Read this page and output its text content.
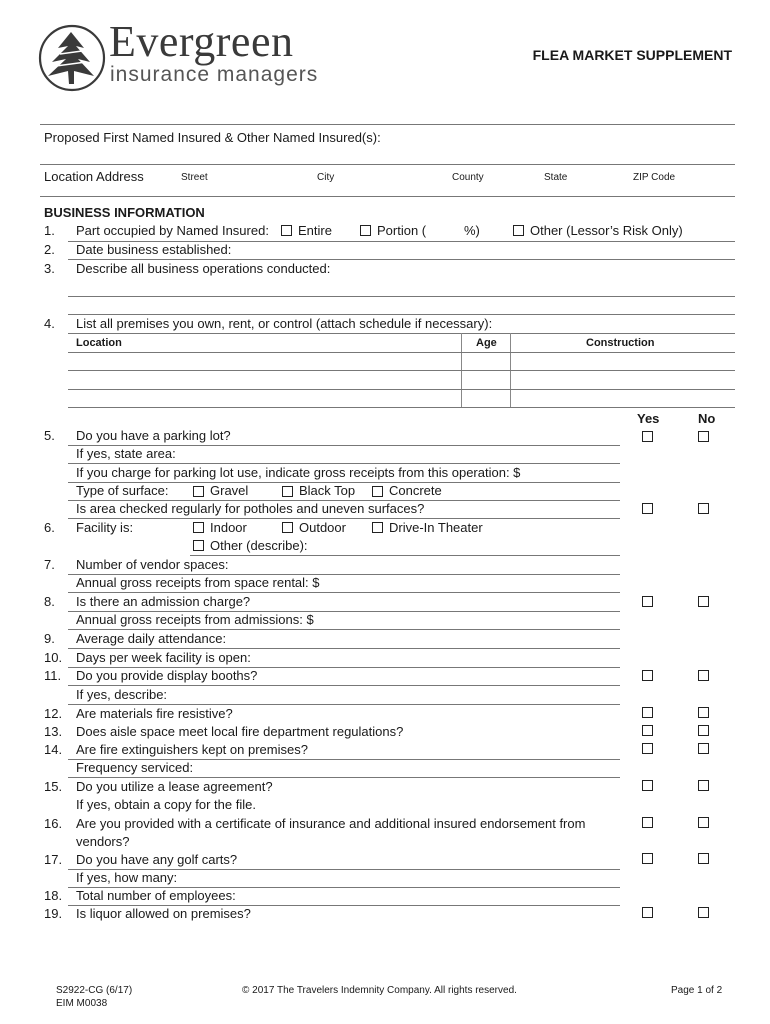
Evergreen
insurance managers
FLEA MARKET SUPPLEMENT
Proposed First Named Insured & Other Named Insured(s):
Location Address	Street	City	County	State	ZIP Code
BUSINESS INFORMATION
1.	Part occupied by Named Insured: Entire	Portion (	%)	Other (Lessor’s Risk Only)
2.	Date business established:
3.	Describe all business operations conducted:
4.	List all premises you own, rent, or control (attach schedule if necessary):
Location	Age	Construction
Yes	No
5.	Do you have a parking lot?
If yes, state area:
If you charge for parking lot use, indicate gross receipts from this operation: $
Type of surface:	Gravel	Black Top	Concrete
Is area checked regularly for potholes and uneven surfaces?
6.	Facility is:	Indoor	Outdoor	Drive-In Theater
Other (describe):
7.	Number of vendor spaces:
Annual gross receipts from space rental: $
8.	Is there an admission charge?
Annual gross receipts from admissions: $
9.	Average daily attendance:
10.	Days per week facility is open:
11.	Do you provide display booths?
If yes, describe:
12.	Are materials fire resistive?
13.	Does aisle space meet local fire department regulations?
14.	Are fire extinguishers kept on premises?
Frequency serviced:
15.	Do you utilize a lease agreement?
If yes, obtain a copy for the file.
16.	Are you provided with a certificate of insurance and additional insured endorsement from
vendors?
17.	Do you have any golf carts?
If yes, how many:
18.	Total number of employees:
19.	Is liquor allowed on premises?
S2922-CG (6/17)
EIM M0038
© 2017 The Travelers Indemnity Company. All rights reserved.	Page 1 of 2
